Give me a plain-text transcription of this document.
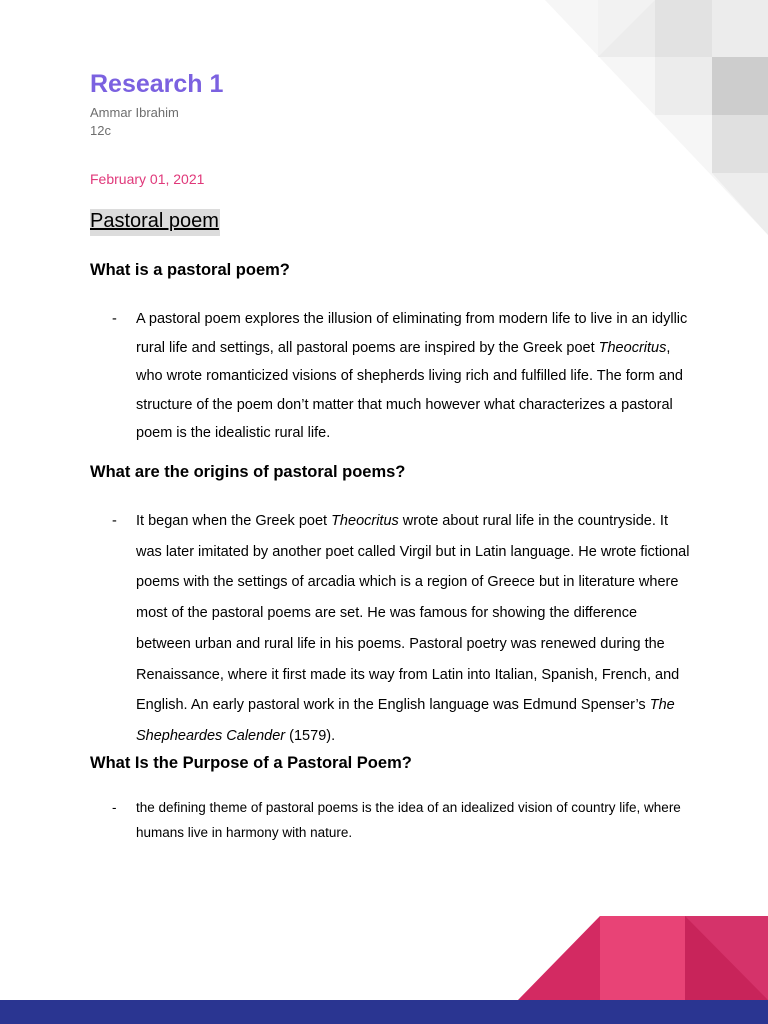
Research 1
Ammar Ibrahim
12c
February 01, 2021
Pastoral poem
What is a pastoral poem?
- A pastoral poem explores the illusion of eliminating from modern life to live in an idyllic rural life and settings, all pastoral poems are inspired by the Greek poet Theocritus, who wrote romanticized visions of shepherds living rich and fulfilled life. The form and structure of the poem don’t matter that much however what characterizes a pastoral poem is the idealistic rural life.
What are the origins of pastoral poems?
- It began when the Greek poet Theocritus wrote about rural life in the countryside. It was later imitated by another poet called Virgil but in Latin language. He wrote fictional poems with the settings of arcadia which is a region of Greece but in literature where most of the pastoral poems are set. He was famous for showing the difference between urban and rural life in his poems. Pastoral poetry was renewed during the Renaissance, where it first made its way from Latin into Italian, Spanish, French, and English. An early pastoral work in the English language was Edmund Spenser’s The Shepheardes Calender (1579).
What Is the Purpose of a Pastoral Poem?
- the defining theme of pastoral poems is the idea of an idealized vision of country life, where humans live in harmony with nature.
